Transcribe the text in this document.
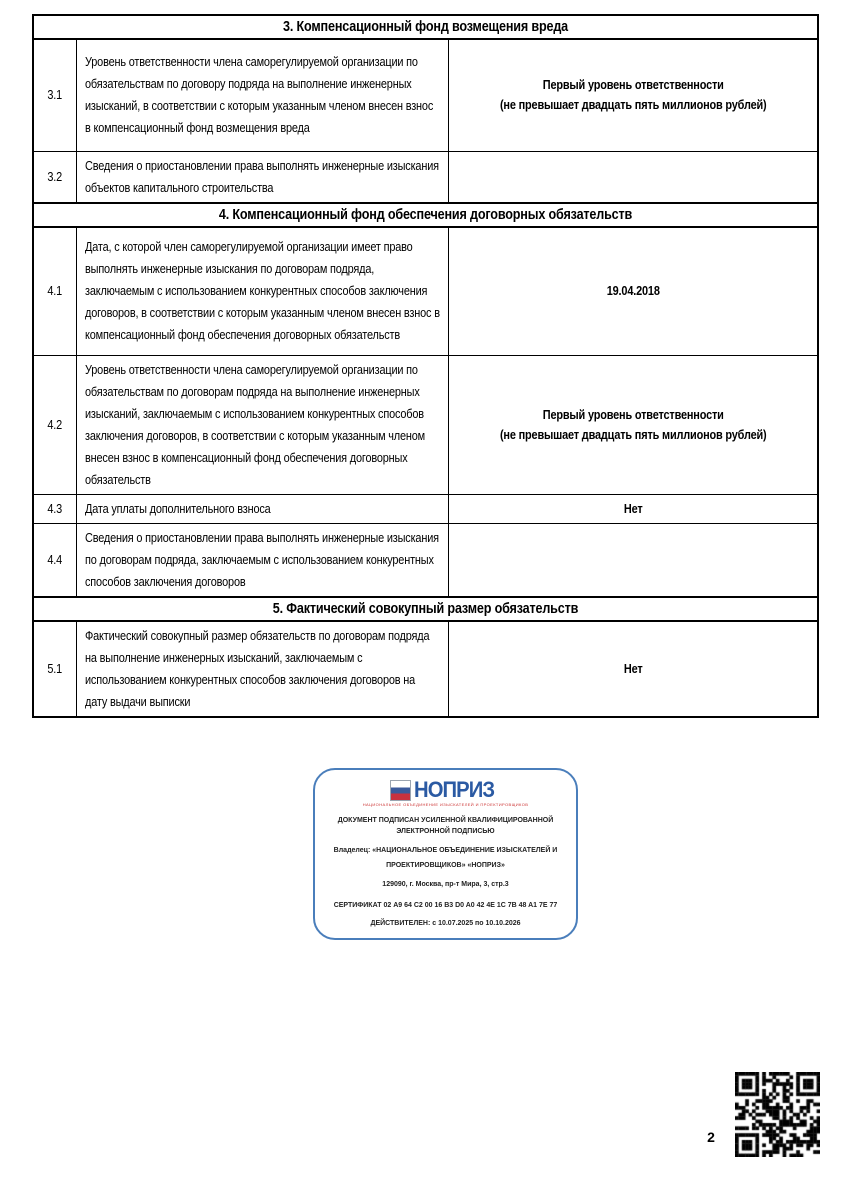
3. Компенсационный фонд возмещения вреда		

3.1	Уровень ответственности члена саморегулируемой организации по обязательствам по договору подряда на выполнение инженерных изысканий, в соответствии с которым указанным членом внесен взнос в компенсационный фонд возмещения вреда	Первый уровень ответственности
(не превышает двадцать пять миллионов рублей)

3.2	Сведения о приостановлении права выполнять инженерные изыскания объектов капитального строительства	

4. Компенсационный фонд обеспечения договорных обязательств		

4.1	Дата, с которой член саморегулируемой организации имеет право выполнять инженерные изыскания по договорам подряда, заключаемым с использованием конкурентных способов заключения договоров, в соответствии с которым указанным членом внесен взнос в компенсационный фонд обеспечения договорных обязательств	19.04.2018

4.2	Уровень ответственности члена саморегулируемой организации по обязательствам по договорам подряда на выполнение инженерных изысканий, заключаемым с использованием конкурентных способов заключения договоров, в соответствии с которым указанным членом внесен взнос в компенсационный фонд обеспечения договорных обязательств	Первый уровень ответственности
(не превышает двадцать пять миллионов рублей)

4.3	Дата уплаты дополнительного взноса	Нет

4.4	Сведения о приостановлении права выполнять инженерные изыскания по договорам подряда, заключаемым с использованием конкурентных способов заключения договоров	

5. Фактический совокупный размер обязательств		

5.1	Фактический совокупный размер обязательств по договорам подряда на выполнение инженерных изысканий, заключаемым с использованием конкурентных способов заключения договоров на дату выдачи выписки	Нет
НОПРИЗ
НАЦИОНАЛЬНОЕ ОБЪЕДИНЕНИЕ ИЗЫСКАТЕЛЕЙ И ПРОЕКТИРОВЩИКОВ
ДОКУМЕНТ ПОДПИСАН УСИЛЕННОЙ КВАЛИФИЦИРОВАННОЙ
ЭЛЕКТРОННОЙ ПОДПИСЬЮ
Владелец: «НАЦИОНАЛЬНОЕ ОБЪЕДИНЕНИЕ ИЗЫСКАТЕЛЕЙ И
ПРОЕКТИРОВЩИКОВ» «НОПРИЗ»
129090, г. Москва, пр-т Мира, 3, стр.3
СЕРТИФИКАТ 02 A9 64 C2 00 16 B3 D0 A0 42 4E 1C 7B 48 A1 7E 77
ДЕЙСТВИТЕЛЕН: с 10.07.2025 по 10.10.2026
2
